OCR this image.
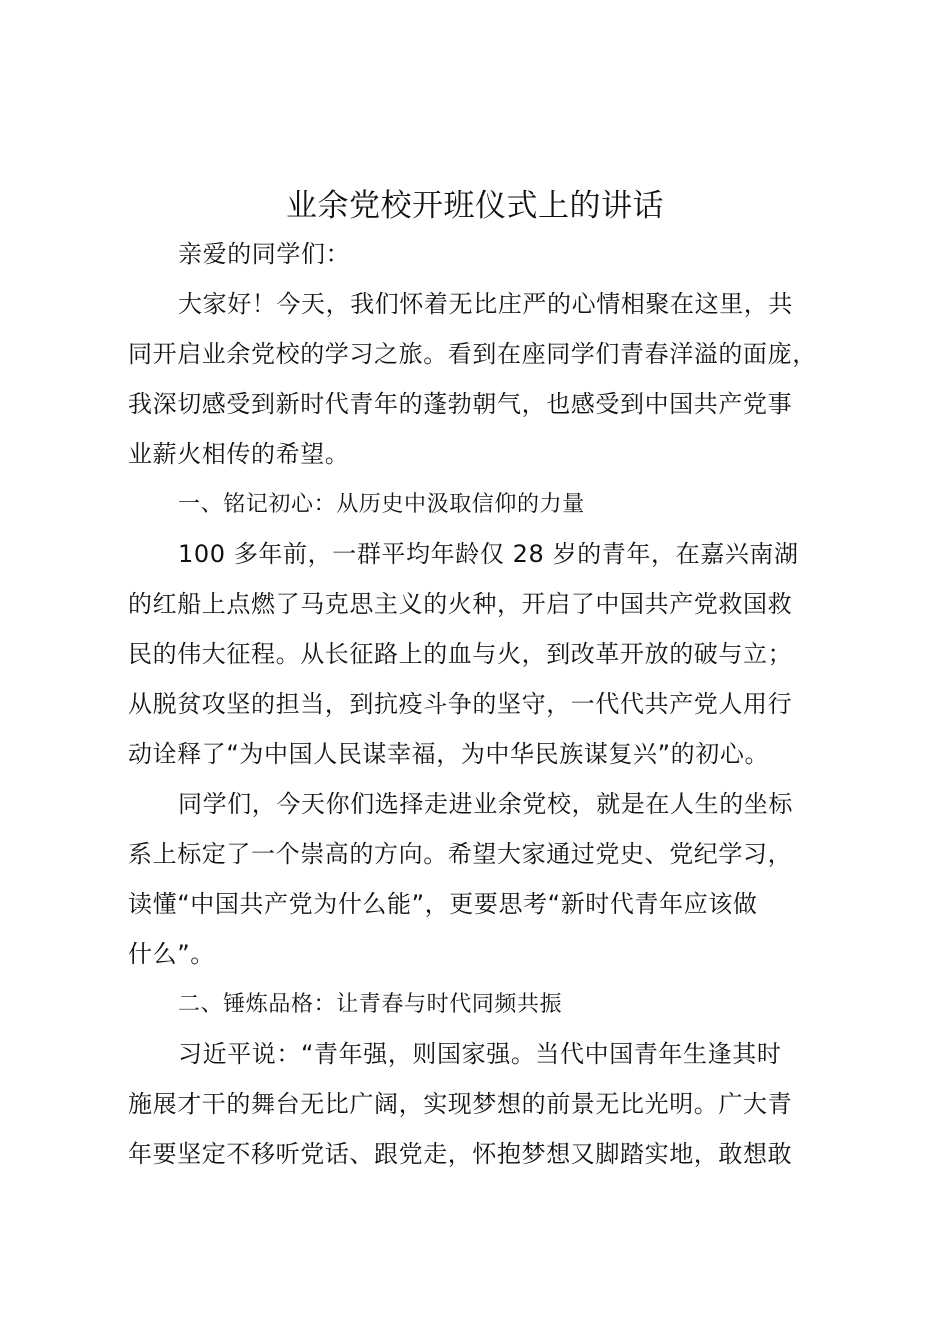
业余党校开班仪式上的讲话
亲爱的同学们：
大家好！今天，我们怀着无比庄严的心情相聚在这里，共
同开启业余党校的学习之旅。看到在座同学们青春洋溢的面庞，
我深切感受到新时代青年的蓬勃朝气，也感受到中国共产党事
业薪火相传的希望。
一、铭记初心：从历史中汲取信仰的力量
100 多年前，一群平均年龄仅 28 岁的青年，在嘉兴南湖
的红船上点燃了马克思主义的火种，开启了中国共产党救国救
民的伟大征程。从长征路上的血与火，到改革开放的破与立；
从脱贫攻坚的担当，到抗疫斗争的坚守，一代代共产党人用行
动诠释了“为中国人民谋幸福，为中华民族谋复兴”的初心。
同学们，今天你们选择走进业余党校，就是在人生的坐标
系上标定了一个崇高的方向。希望大家通过党史、党纪学习，
读懂“中国共产党为什么能”，更要思考“新时代青年应该做
什么”。
二、锤炼品格：让青春与时代同频共振
习近平说：“青年强，则国家强。当代中国青年生逢其时
施展才干的舞台无比广阔，实现梦想的前景无比光明。广大青
年要坚定不移听党话、跟党走，怀抱梦想又脚踏实地，敢想敢
